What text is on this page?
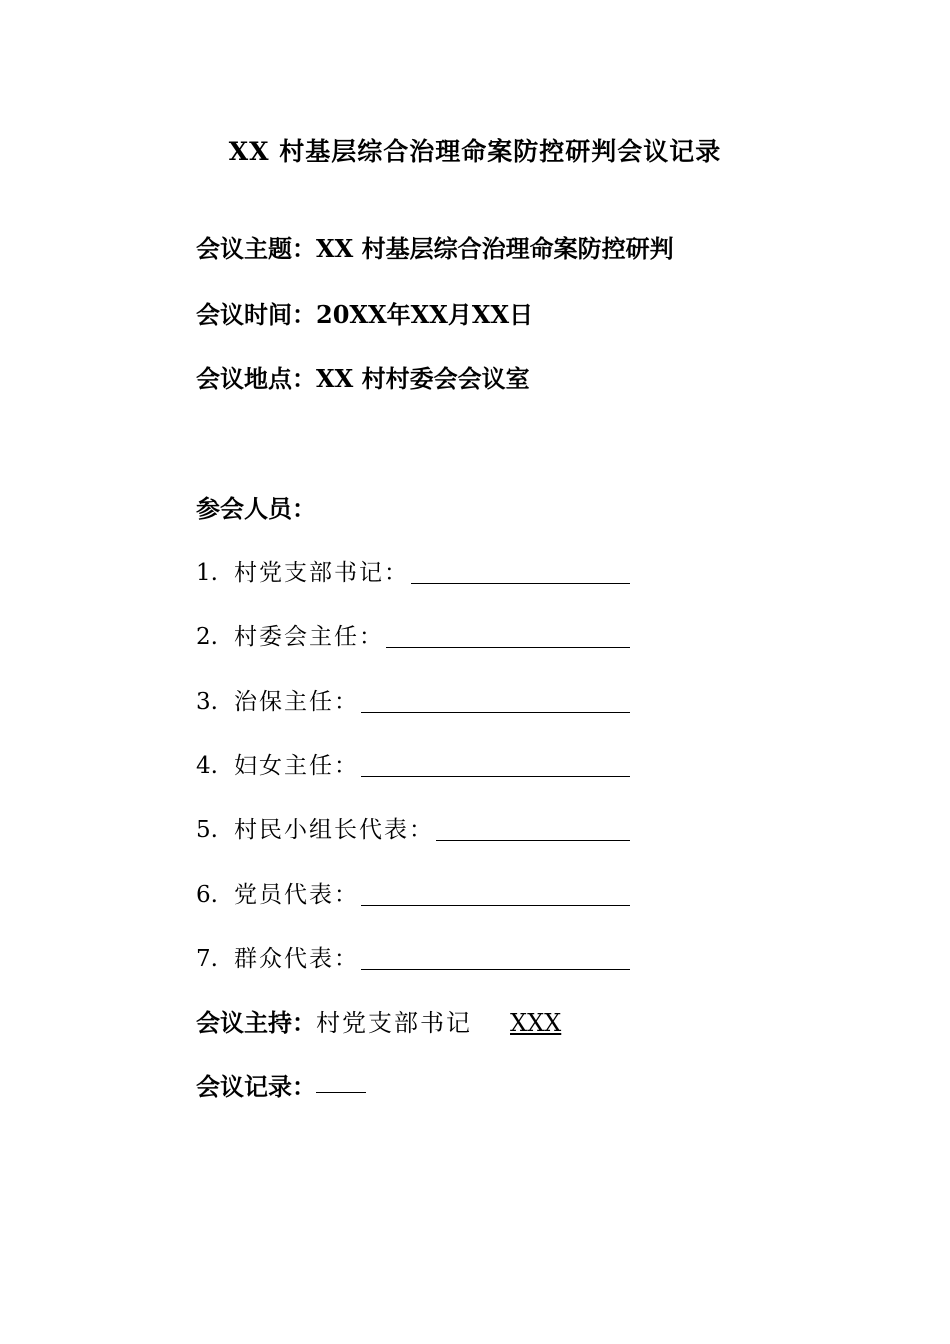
XX 村基层综合治理命案防控研判会议记录
会议主题：XX 村基层综合治理命案防控研判
会议时间：20XX年XX月XX日
会议地点：XX 村村委会会议室
参会人员：
1. 村党支部书记：
2. 村委会主任：
3. 治保主任：
4. 妇女主任：
5. 村民小组长代表：
6. 党员代表：
7. 群众代表：
会议主持：村党支部书记 XXX
会议记录：
